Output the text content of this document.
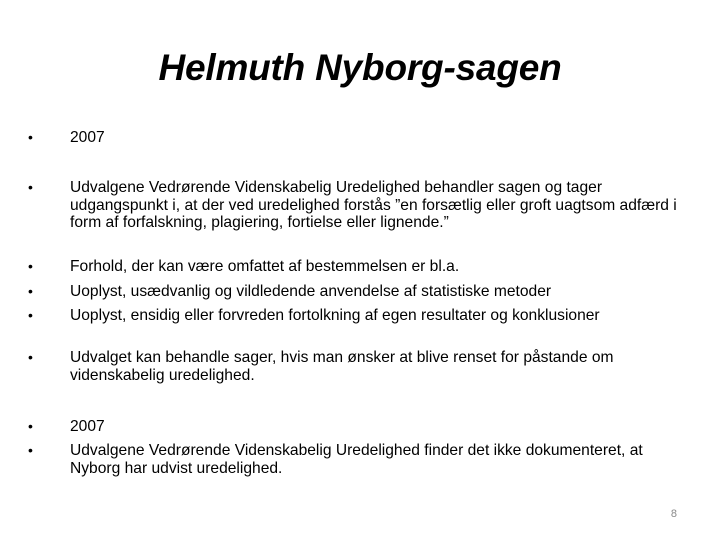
Helmuth Nyborg-sagen
•	2007
•	Udvalgene Vedrørende Videnskabelig Uredelighed behandler sagen og tager udgangspunkt i, at der ved uredelighed forstås ”en forsætlig eller groft uagtsom adfærd i form af forfalskning, plagiering, fortielse eller lignende.”
•	Forhold, der kan være omfattet af bestemmelsen er bl.a.
•	Uoplyst, usædvanlig og vildledende anvendelse af statistiske metoder
•	Uoplyst, ensidig eller forvreden fortolkning af egen resultater og konklusioner
•	Udvalget kan behandle sager, hvis man ønsker at blive renset for påstande om videnskabelig uredelighed.
•	2007
•	Udvalgene Vedrørende Videnskabelig Uredelighed finder det ikke dokumenteret, at Nyborg har udvist uredelighed.
8
